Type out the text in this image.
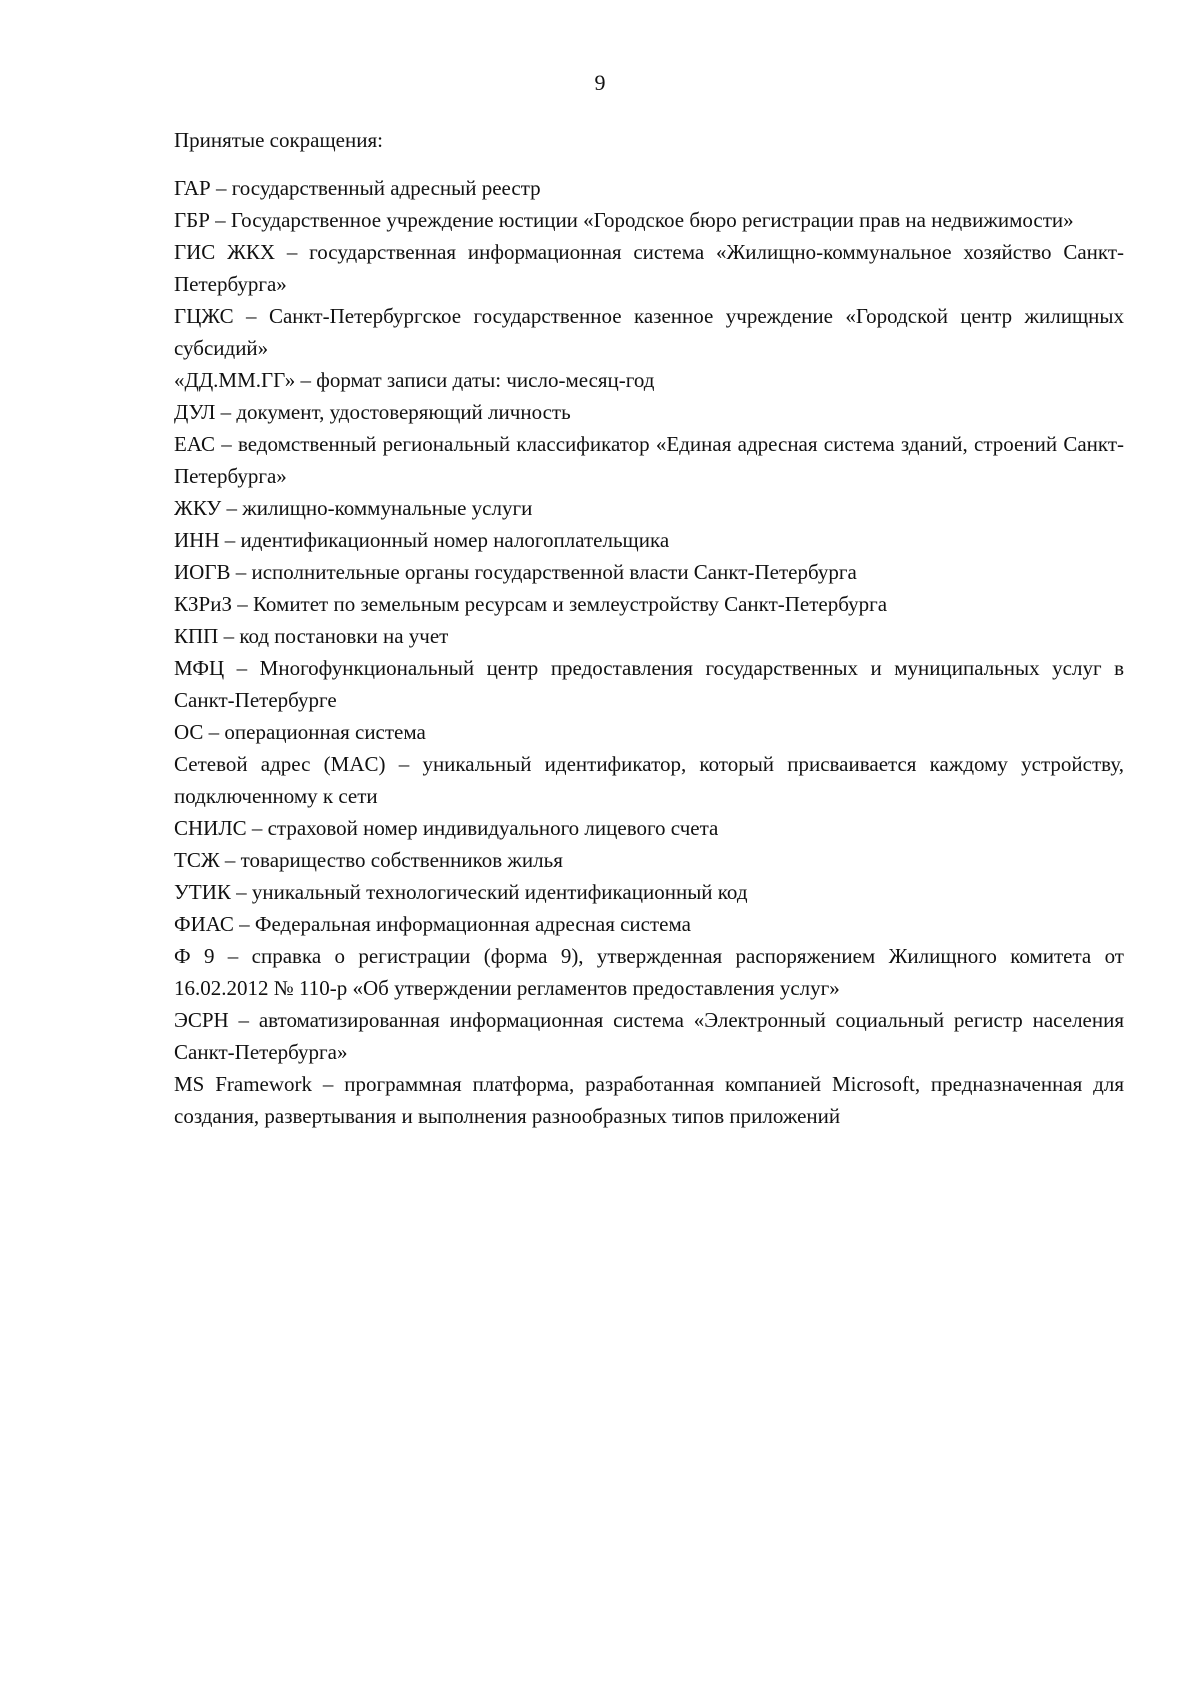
9
Принятые сокращения:
ГАР – государственный адресный реестр
ГБР – Государственное учреждение юстиции «Городское бюро регистрации прав на недвижимости»
ГИС ЖКХ – государственная информационная система «Жилищно-коммунальное хозяйство Санкт-Петербурга»
ГЦЖС – Санкт-Петербургское государственное казенное учреждение «Городской центр жилищных субсидий»
«ДД.ММ.ГГ» – формат записи даты: число-месяц-год
ДУЛ – документ, удостоверяющий личность
ЕАС – ведомственный региональный классификатор «Единая адресная система зданий, строений Санкт-Петербурга»
ЖКУ – жилищно-коммунальные услуги
ИНН – идентификационный номер налогоплательщика
ИОГВ – исполнительные органы государственной власти Санкт-Петербурга
КЗРиЗ – Комитет по земельным ресурсам и землеустройству Санкт-Петербурга
КПП – код постановки на учет
МФЦ – Многофункциональный центр предоставления государственных и муниципальных услуг в Санкт-Петербурге
ОС – операционная система
Сетевой адрес (MAC) – уникальный идентификатор, который присваивается каждому устройству, подключенному к сети
СНИЛС – страховой номер индивидуального лицевого счета
ТСЖ – товарищество собственников жилья
УТИК – уникальный технологический идентификационный код
ФИАС – Федеральная информационная адресная система
Ф 9 – справка о регистрации (форма 9), утвержденная распоряжением Жилищного комитета от 16.02.2012 № 110-р «Об утверждении регламентов предоставления услуг»
ЭСРН – автоматизированная информационная система «Электронный социальный регистр населения Санкт-Петербурга»
MS Framework – программная платформа, разработанная компанией Microsoft, предназначенная для создания, развертывания и выполнения разнообразных типов приложений
